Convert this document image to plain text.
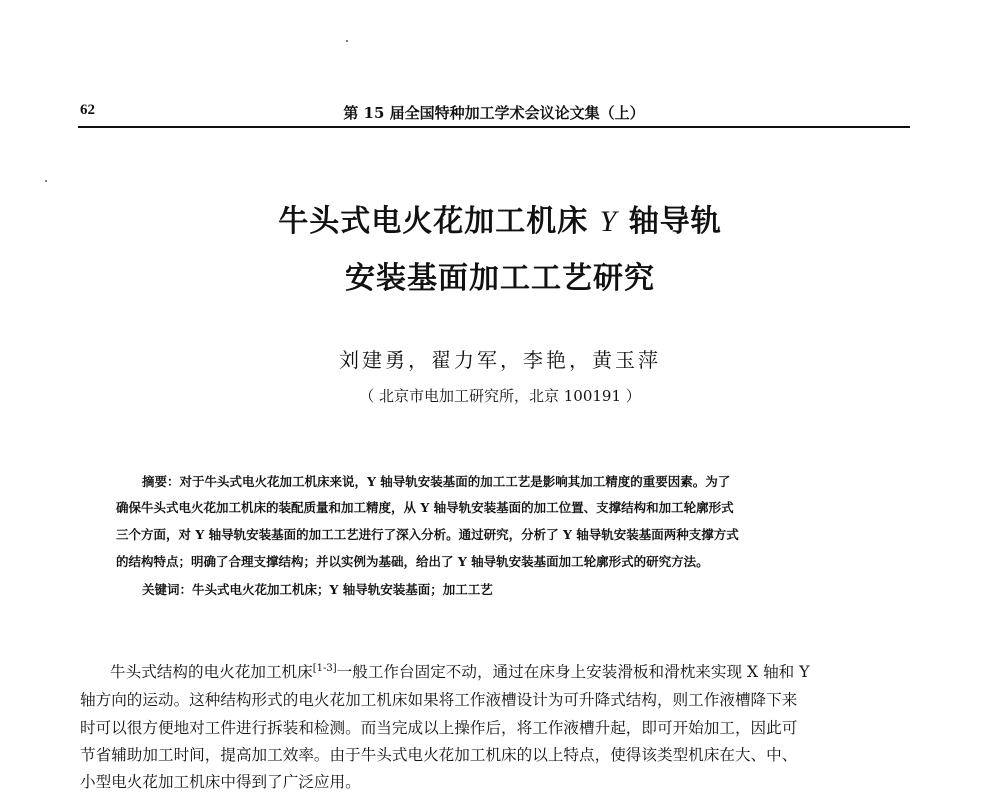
62	第 15 届全国特种加工学术会议论文集（上）
牛头式电火花加工机床 Y 轴导轨
安装基面加工工艺研究
刘建勇，翟力军，李艳，黄玉萍
（ 北京市电加工研究所，北京 100191 ）
摘要：对于牛头式电火花加工机床来说，Y 轴导轨安装基面的加工工艺是影响其加工精度的重要因素。为了
确保牛头式电火花加工机床的装配质量和加工精度，从 Y 轴导轨安装基面的加工位置、支撑结构和加工轮廓形式
三个方面，对 Y 轴导轨安装基面的加工工艺进行了深入分析。通过研究，分析了 Y 轴导轨安装基面两种支撑方式
的结构特点；明确了合理支撑结构；并以实例为基础，给出了 Y 轴导轨安装基面加工轮廓形式的研究方法。
关键词：牛头式电火花加工机床；Y 轴导轨安装基面；加工工艺
牛头式结构的电火花加工机床[1-3]一般工作台固定不动，通过在床身上安装滑板和滑枕来实现 X 轴和 Y
轴方向的运动。这种结构形式的电火花加工机床如果将工作液槽设计为可升降式结构，则工作液槽降下来
时可以很方便地对工件进行拆装和检测。而当完成以上操作后，将工作液槽升起，即可开始加工，因此可
节省辅助加工时间，提高加工效率。由于牛头式电火花加工机床的以上特点，使得该类型机床在大、中、
小型电火花加工机床中得到了广泛应用。
